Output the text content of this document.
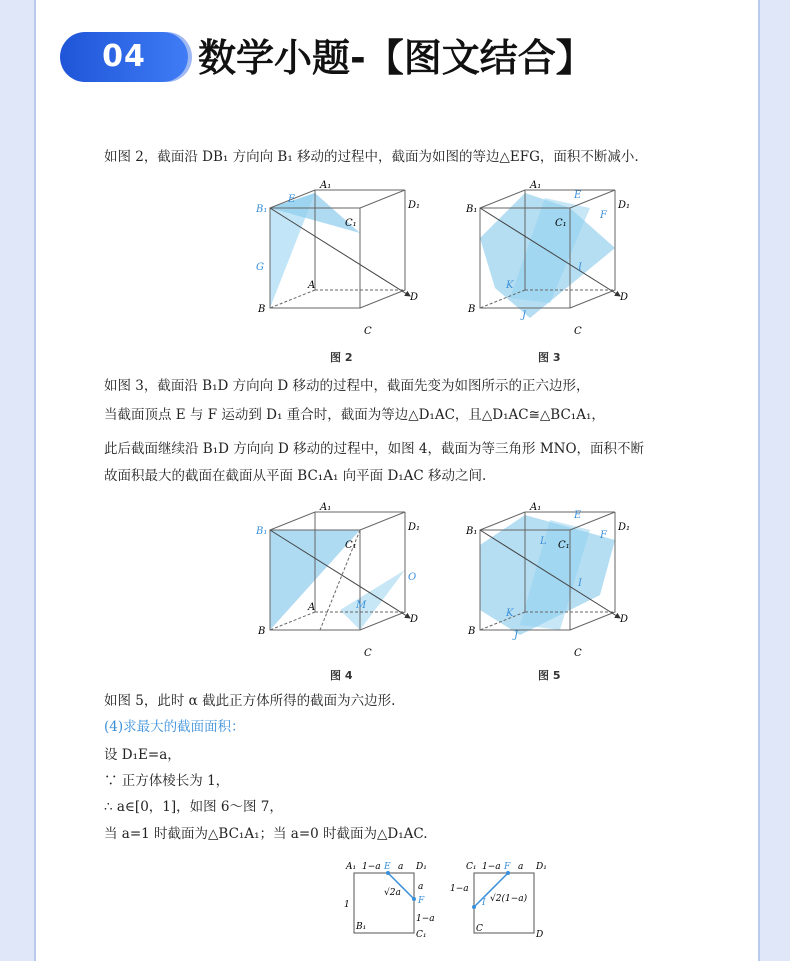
04	数学小题-【图文结合】
如图 2，截面沿 DB₁ 方向向 B₁ 移动的过程中，截面为如图的等边△EFG，面积不断减小.
B₁
E
A₁
C₁
D₁
G
A
B
D
C
B₁
A₁
E
C₁
F
D₁
I
K
J
B
D
C
图 2	图 3
如图 3，截面沿 B₁D 方向向 D 移动的过程中，截面先变为如图所示的正六边形，
当截面顶点 E 与 F 运动到 D₁ 重合时，截面为等边△D₁AC，且△D₁AC≅△BC₁A₁，
此后截面继续沿 B₁D 方向向 D 移动的过程中，如图 4，截面为等三角形 MNO，面积不断
故面积最大的截面在截面从平面 BC₁A₁ 向平面 D₁AC 移动之间.
B₁
A₁
C₁
D₁
O
M
A
B
D
C
B₁
A₁
E
L C₁
F
D₁
I
K
J
B
D
C
图 4	图 5
如图 5，此时 α 截此正方体所得的截面为六边形.
(4)求最大的截面面积：
设 D₁E=a，
∵ 正方体棱长为 1，
∴ a∈[0，1]，如图 6～图 7，
当 a=1 时截面为△BC₁A₁；当 a=0 时截面为△D₁AC.
A₁ 1−a E a D₁
√2a
a
F
1
1−a
B₁
C₁
C₁ 1−a F a D₁
1−a
I √2(1−a)
C
D
